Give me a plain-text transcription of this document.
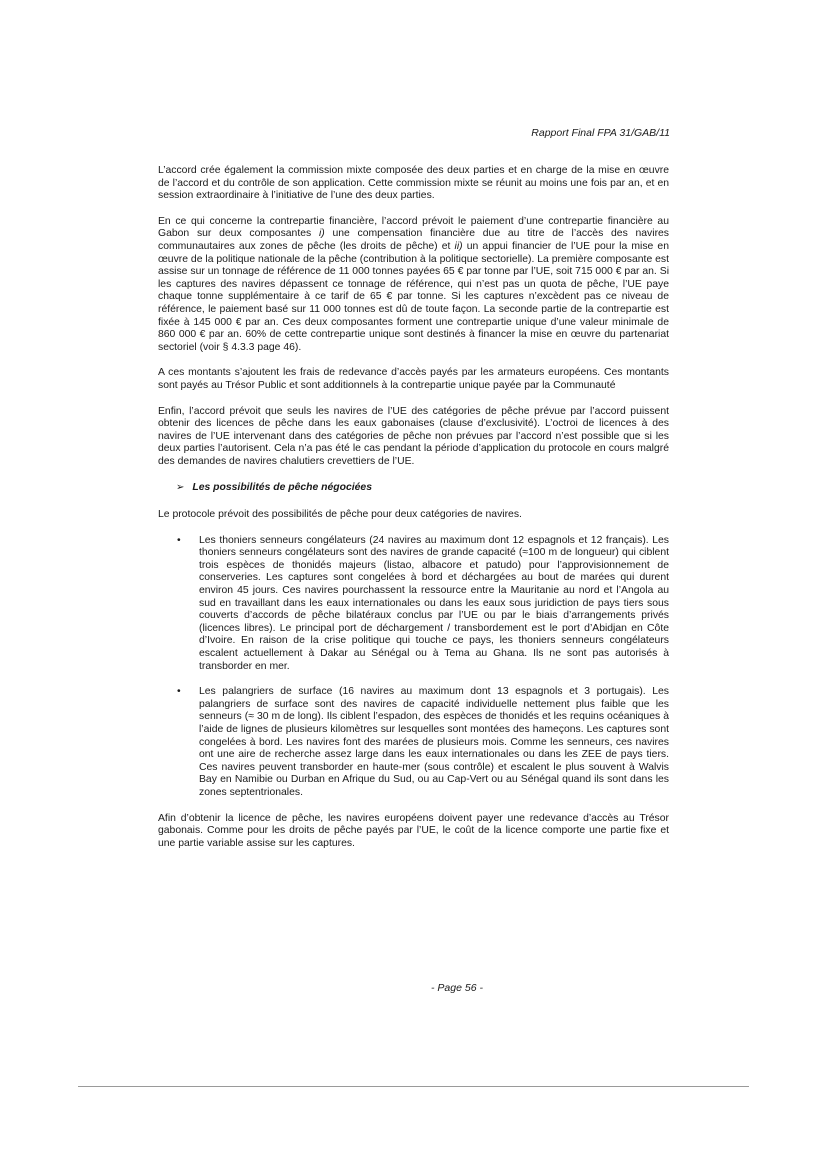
Rapport Final FPA 31/GAB/11

L’accord crée également la commission mixte composée des deux parties et en charge de la mise en œuvre de l’accord et du contrôle de son application. Cette commission mixte se réunit au moins une fois par an, et en session extraordinaire à l’initiative de l’une des deux parties.

En ce qui concerne la contrepartie financière, l’accord prévoit le paiement d’une contrepartie financière au Gabon sur deux composantes i) une compensation financière due au titre de l’accès des navires communautaires aux zones de pêche (les droits de pêche) et ii) un appui financier de l’UE pour la mise en œuvre de la politique nationale de la pêche (contribution à la politique sectorielle). La première composante est assise sur un tonnage de référence de 11 000 tonnes payées 65 € par tonne par l’UE, soit 715 000 € par an. Si les captures des navires dépassent ce tonnage de référence, qui n’est pas un quota de pêche, l’UE paye chaque tonne supplémentaire à ce tarif de 65 € par tonne. Si les captures n’excèdent pas ce niveau de référence, le paiement basé sur 11 000 tonnes est dû de toute façon. La seconde partie de la contrepartie est fixée à 145 000 € par an. Ces deux composantes forment une contrepartie unique d’une valeur minimale de 860 000 € par an. 60% de cette contrepartie unique sont destinés à financer la mise en œuvre du partenariat sectoriel (voir § 4.3.3 page 46).

A ces montants s’ajoutent les frais de redevance d’accès payés par les armateurs européens. Ces montants sont payés au Trésor Public et sont additionnels à la contrepartie unique payée par la Communauté

Enfin, l’accord prévoit que seuls les navires de l’UE des catégories de pêche prévue par l’accord puissent obtenir des licences de pêche dans les eaux gabonaises (clause d’exclusivité). L’octroi de licences à des navires de l’UE intervenant dans des catégories de pêche non prévues par l’accord n’est possible que si les deux parties l’autorisent. Cela n’a pas été le cas pendant la période d’application du protocole en cours malgré des demandes de navires chalutiers crevettiers de l’UE.

➢ Les possibilités de pêche négociées

Le protocole prévoit des possibilités de pêche pour deux catégories de navires.

• Les thoniers senneurs congélateurs (24 navires au maximum dont 12 espagnols et 12 français). Les thoniers senneurs congélateurs sont des navires de grande capacité (≈100 m de longueur) qui ciblent trois espèces de thonidés majeurs (listao, albacore et patudo) pour l’approvisionnement de conserveries. Les captures sont congelées à bord et déchargées au bout de marées qui durent environ 45 jours. Ces navires pourchassent la ressource entre la Mauritanie au nord et l’Angola au sud en travaillant dans les eaux internationales ou dans les eaux sous juridiction de pays tiers sous couverts d’accords de pêche bilatéraux conclus par l’UE ou par le biais d’arrangements privés (licences libres). Le principal port de déchargement / transbordement est le port d’Abidjan en Côte d’Ivoire. En raison de la crise politique qui touche ce pays, les thoniers senneurs congélateurs escalent actuellement à Dakar au Sénégal ou à Tema au Ghana. Ils ne sont pas autorisés à transborder en mer.
• Les palangriers de surface (16 navires au maximum dont 13 espagnols et 3 portugais). Les palangriers de surface sont des navires de capacité individuelle nettement plus faible que les senneurs (≈ 30 m de long). Ils ciblent l’espadon, des espèces de thonidés et les requins océaniques à l’aide de lignes de plusieurs kilomètres sur lesquelles sont montées des hameçons. Les captures sont congelées à bord. Les navires font des marées de plusieurs mois. Comme les senneurs, ces navires ont une aire de recherche assez large dans les eaux internationales ou dans les ZEE de pays tiers. Ces navires peuvent transborder en haute-mer (sous contrôle) et escalent le plus souvent à Walvis Bay en Namibie ou Durban en Afrique du Sud, ou au Cap-Vert ou au Sénégal quand ils sont dans les zones septentrionales.

Afin d’obtenir la licence de pêche, les navires européens doivent payer une redevance d’accès au Trésor gabonais. Comme pour les droits de pêche payés par l’UE, le coût de la licence comporte une partie fixe et une partie variable assise sur les captures.

- Page 56 -
